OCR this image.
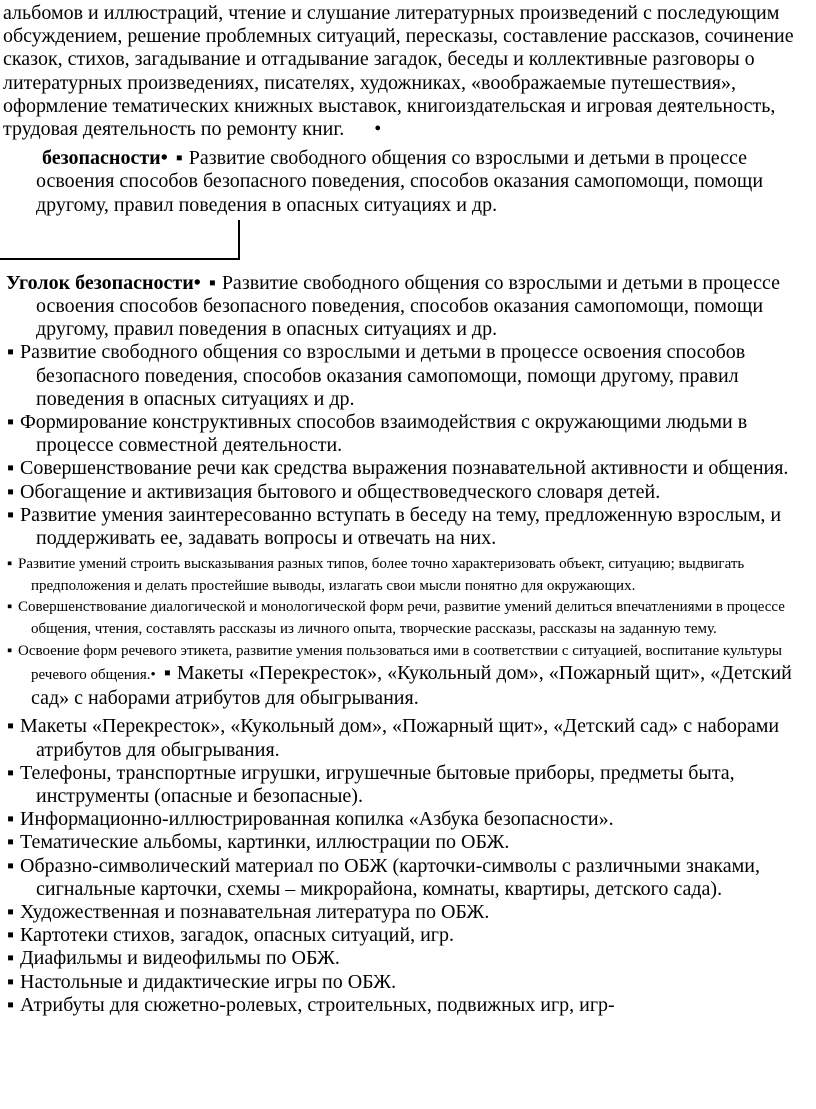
альбомов и иллюстраций, чтение и слушание литературных произведений с последующим обсуждением, решение проблемных ситуаций, пересказы, составление рассказов, сочинение сказок, стихов, загадывание и отгадывание загадок, беседы и коллективные разговоры о литературных произведениях, писателях, художниках, «воображаемые путешествия», оформление тематических книжных выставок, книгоиздательская и игровая деятельность, трудовая деятельность по ремонту книг. •

безопасности• ▪ Развитие свободного общения со взрослыми и детьми в процессе освоения способов безопасного поведения, способов оказания самопомощи, помощи другому, правил поведения в опасных ситуациях и др.

Уголок безопасности• ▪ Развитие свободного общения со взрослыми и детьми в процессе освоения способов безопасного поведения, способов оказания самопомощи, помощи другому, правил поведения в опасных ситуациях и др.

▪ Развитие свободного общения со взрослыми и детьми в процессе освоения способов безопасного поведения, способов оказания самопомощи, помощи другому, правил поведения в опасных ситуациях и др.

▪ Формирование конструктивных способов взаимодействия с окружающими людьми в процессе совместной деятельности.

▪ Совершенствование речи как средства выражения познавательной активности и общения.

▪ Обогащение и активизация бытового и обществоведческого словаря детей.

▪ Развитие умения заинтересованно вступать в беседу на тему, предложенную взрослым, и поддерживать ее, задавать вопросы и отвечать на них.

▪ Развитие умений строить высказывания разных типов, более точно характеризовать объект, ситуацию; выдвигать предположения и делать простейшие выводы, излагать свои мысли понятно для окружающих.

▪ Совершенствование диалогической и монологической форм речи, развитие умений делиться впечатлениями в процессе общения, чтения, составлять рассказы из личного опыта, творческие рассказы, рассказы на заданную тему.

▪ Освоение форм речевого этикета, развитие умения пользоваться ими в соответствии с ситуацией, воспитание культуры речевого общения.• ▪ Макеты «Перекресток», «Кукольный дом», «Пожарный щит», «Детский сад» с наборами атрибутов для обыгрывания.

▪ Макеты «Перекресток», «Кукольный дом», «Пожарный щит», «Детский сад» с наборами атрибутов для обыгрывания.

▪ Телефоны, транспортные игрушки, игрушечные бытовые приборы, предметы быта, инструменты (опасные и безопасные).

▪ Информационно-иллюстрированная копилка «Азбука безопасности».

▪ Тематические альбомы, картинки, иллюстрации по ОБЖ.

▪ Образно-символический материал по ОБЖ (карточки-символы с различными знаками, сигнальные карточки, схемы – микрорайона, комнаты, квартиры, детского сада).

▪ Художественная и познавательная литература по ОБЖ.

▪ Картотеки стихов, загадок, опасных ситуаций, игр.

▪ Диафильмы и видеофильмы по ОБЖ.

▪ Настольные и дидактические игры по ОБЖ.

▪ Атрибуты для сюжетно-ролевых, строительных, подвижных игр, игр-
